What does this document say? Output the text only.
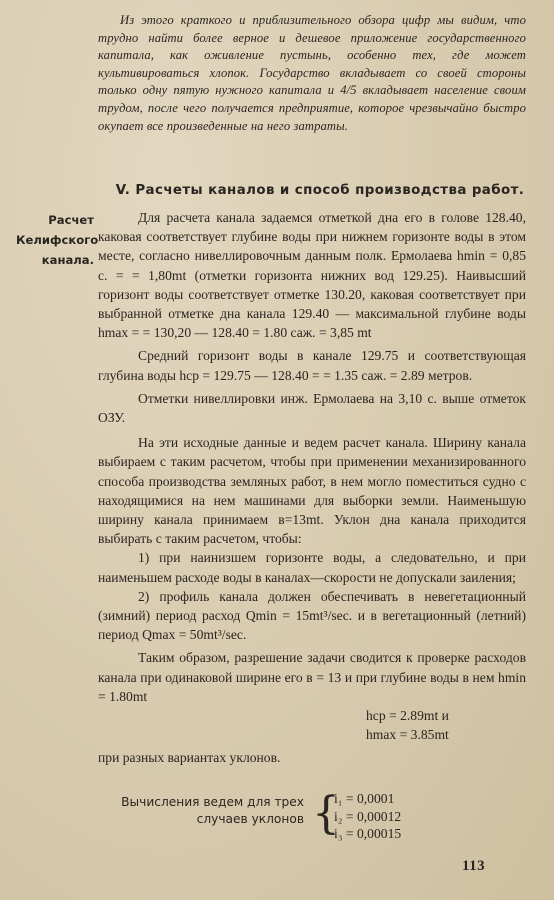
Из этого краткого и приблизительного обзора цифр мы видим, что трудно найти более верное и дешевое приложение государственного капитала, как оживление пустынь, особенно тех, где может культивироваться хлопок. Государство вкладывает со своей стороны только одну пятую нужного капитала и 4/5 вкладывает население своим трудом, после чего получается предприятие, которое чрезвычайно быстро окупает все произведенные на него затраты.
V. Расчеты каналов и способ производства работ.
Расчет Келифского канала.

Для расчета канала задаемся отметкой дна его в голове 128.40, каковая соответствует глубине воды при нижнем горизонте воды в этом месте, согласно нивеллировочным данным полк. Ермолаева hmin = 0,85 с. = = 1,80mt (отметки горизонта нижних вод 129.25). Наивысший горизонт воды соответствует отметке 130.20, каковая соответствует при выбранной отметке дна канала 129.40 — максимальной глубине воды hmax = = 130,20 — 128.40 = 1.80 саж. = 3,85 mt

Средний горизонт воды в канале 129.75 и соответствующая глубина воды hср = 129.75 — 128.40 = = 1.35 саж. = 2.89 метров.

Отметки нивеллировки инж. Ермолаева на 3,10 с. выше отметок ОЗУ.

На эти исходные данные и ведем расчет канала. Ширину канала выбираем с таким расчетом, чтобы при применении механизированного способа производства земляных работ, в нем могло поместиться судно с находящимися на нем машинами для выборки земли. Наименьшую ширину канала принимаем в=13mt. Уклон дна канала приходится выбирать с таким расчетом, чтобы:

1) при наинизшем горизонте воды, а следовательно, и при наименьшем расходе воды в каналах—скорости не допускали заиления;

2) профиль канала должен обеспечивать в невегетационный (зимний) период расход Qmin = 15mt³/sec. и в вегетационный (летний) период Qmax = 50mt³/sec.

Таким образом, разрешение задачи сводится к проверке расходов канала при одинаковой ширине его в = 13 и при глубине воды в нем hmin = 1.80mt

hср = 2.89mt и
hmax = 3.85mt

при разных вариантах уклонов.

Вычисления ведем для трех случаев уклонов {
i₁ = 0,0001
i₂ = 0,00012
i₃ = 0,00015
113
